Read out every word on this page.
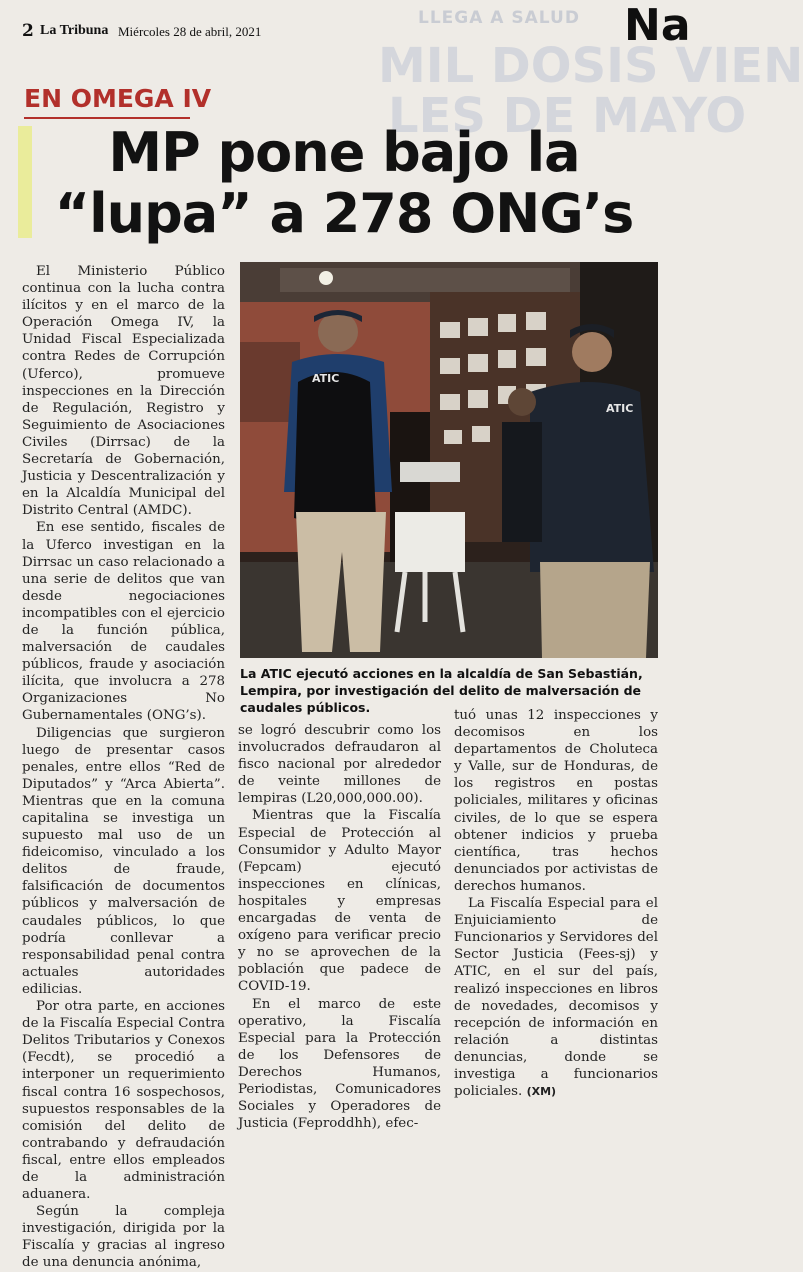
2 La Tribuna Miércoles 28 de abril, 2021
LLEGA A SALUD
MIL DOSIS VIEN
LES DE MAYO
Na
EN OMEGA IV
MP pone bajo la
“lupa” a 278 ONG’s

El Ministerio Público continua con la lucha contra ilícitos y en el marco de la Operación Omega IV, la Unidad Fiscal Especializada contra Redes de Corrupción (Uferco), promueve inspecciones en la Dirección de Regulación, Registro y Seguimiento de Asociaciones Civiles (Dirrsac) de la Secretaría de Gobernación, Justicia y Descentralización y en la Alcaldía Municipal del Distrito Central (AMDC).

En ese sentido, fiscales de la Uferco investigan en la Dirrsac un caso relacionado a una serie de delitos que van desde negociaciones incompatibles con el ejercicio de la función pública, malversación de caudales públicos, fraude y asociación ilícita, que involucra a 278 Organizaciones No Gubernamentales (ONG’s).

Diligencias que surgieron luego de presentar casos penales, entre ellos “Red de Diputados” y “Arca Abierta”. Mientras que en la comuna capitalina se investiga un supuesto mal uso de un fideicomiso, vinculado a los delitos de fraude, falsificación de documentos públicos y malversación de caudales públicos, lo que podría conllevar a responsabilidad penal contra actuales autoridades edilicias.

Por otra parte, en acciones de la Fiscalía Especial Contra Delitos Tributarios y Conexos (Fecdt), se procedió a interponer un requerimiento fiscal contra 16 sospechosos, supuestos responsables de la comisión del delito de contrabando y defraudación fiscal, entre ellos empleados de la administración aduanera.

Según la compleja investigación, dirigida por la Fiscalía y gracias al ingreso de una denuncia anónima,

ATIC
ATIC
La ATIC ejecutó acciones en la alcaldía de San Sebastián, Lempira, por investigación del delito de malversación de caudales públicos.

se logró descubrir como los involucrados defraudaron al fisco nacional por alrededor de veinte millones de lempiras (L20,000,000.00).

Mientras que la Fiscalía Especial de Protección al Consumidor y Adulto Mayor (Fepcam) ejecutó inspecciones en clínicas, hospitales y empresas encargadas de venta de oxígeno para verificar precio y no se aprovechen de la población que padece de COVID-19.

En el marco de este operativo, la Fiscalía Especial para la Protección de los Defensores de Derechos Humanos, Periodistas, Comunicadores Sociales y Operadores de Justicia (Feproddhh), efec-

tuó unas 12 inspecciones y decomisos en los departamentos de Choluteca y Valle, sur de Honduras, de los registros en postas policiales, militares y oficinas civiles, de lo que se espera obtener indicios y prueba científica, tras hechos denunciados por activistas de derechos humanos.

La Fiscalía Especial para el Enjuiciamiento de Funcionarios y Servidores del Sector Justicia (Fees-sj) y ATIC, en el sur del país, realizó inspecciones en libros de novedades, decomisos y recepción de información en relación a distintas denuncias, donde se investiga a funcionarios policiales. (XM)
